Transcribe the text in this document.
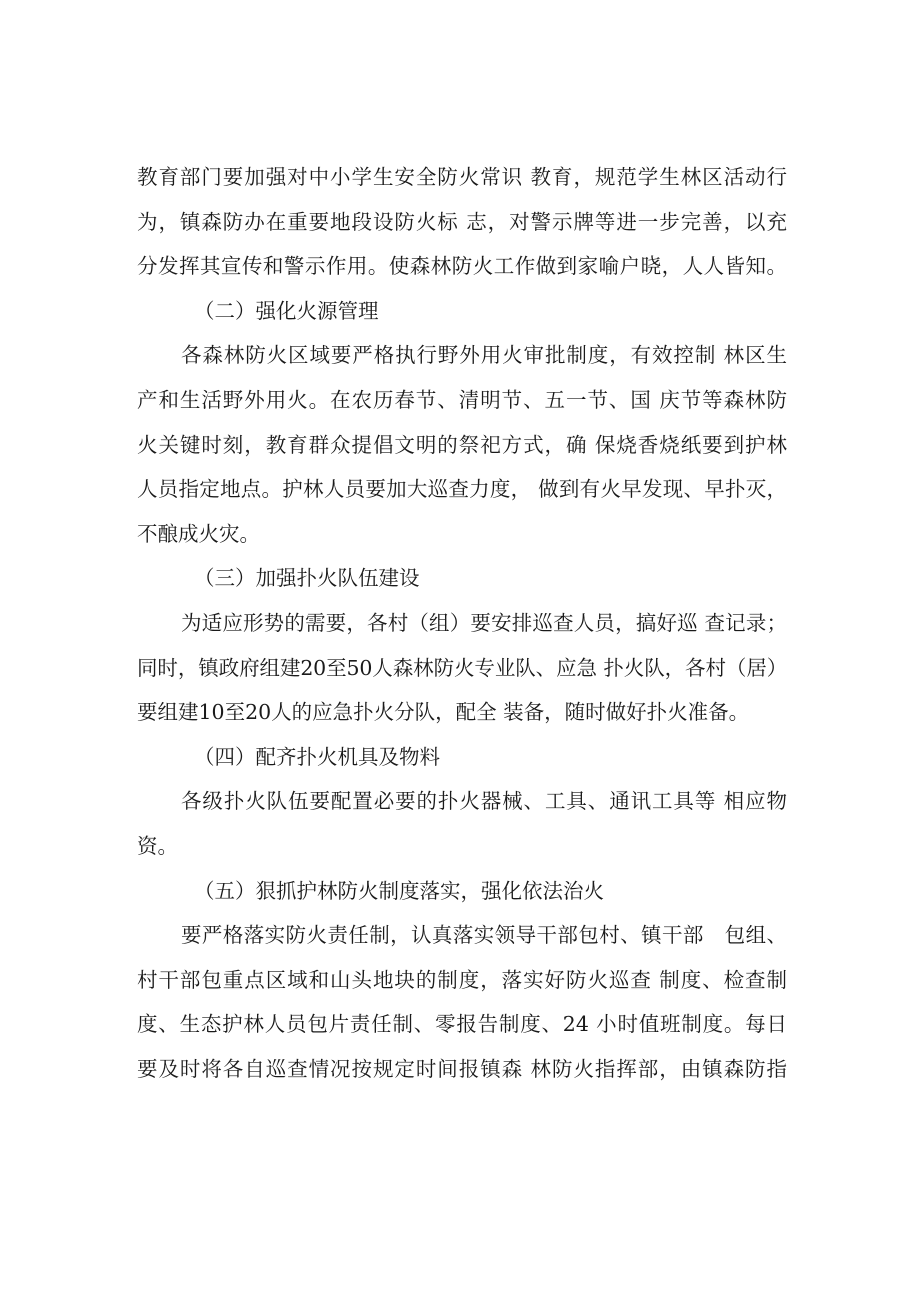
教育部门要加强对中小学生安全防火常识 教育，规范学生林区活动行
为，镇森防办在重要地段设防火标 志，对警示牌等进一步完善，以充
分发挥其宣传和警示作用。使森林防火工作做到家喻户晓，人人皆知。
（二）强化火源管理
各森林防火区域要严格执行野外用火审批制度，有效控制 林区生
产和生活野外用火。在农历春节、清明节、五一节、国 庆节等森林防
火关键时刻，教育群众提倡文明的祭祀方式，确 保烧香烧纸要到护林
人员指定地点。护林人员要加大巡查力度， 做到有火早发现、早扑灭，
不酿成火灾。
（三）加强扑火队伍建设
为适应形势的需要，各村（组）要安排巡查人员，搞好巡 查记录；
同时，镇政府组建20至50人森林防火专业队、应急 扑火队，各村（居）
要组建10至20人的应急扑火分队，配全 装备，随时做好扑火准备。
（四）配齐扑火机具及物料
各级扑火队伍要配置必要的扑火器械、工具、通讯工具等 相应物
资。
（五）狠抓护林防火制度落实，强化依法治火
要严格落实防火责任制，认真落实领导干部包村、镇干部　包组、
村干部包重点区域和山头地块的制度，落实好防火巡查 制度、检查制
度、生态护林人员包片责任制、零报告制度、24 小时值班制度。每日
要及时将各自巡查情况按规定时间报镇森 林防火指挥部，由镇森防指
